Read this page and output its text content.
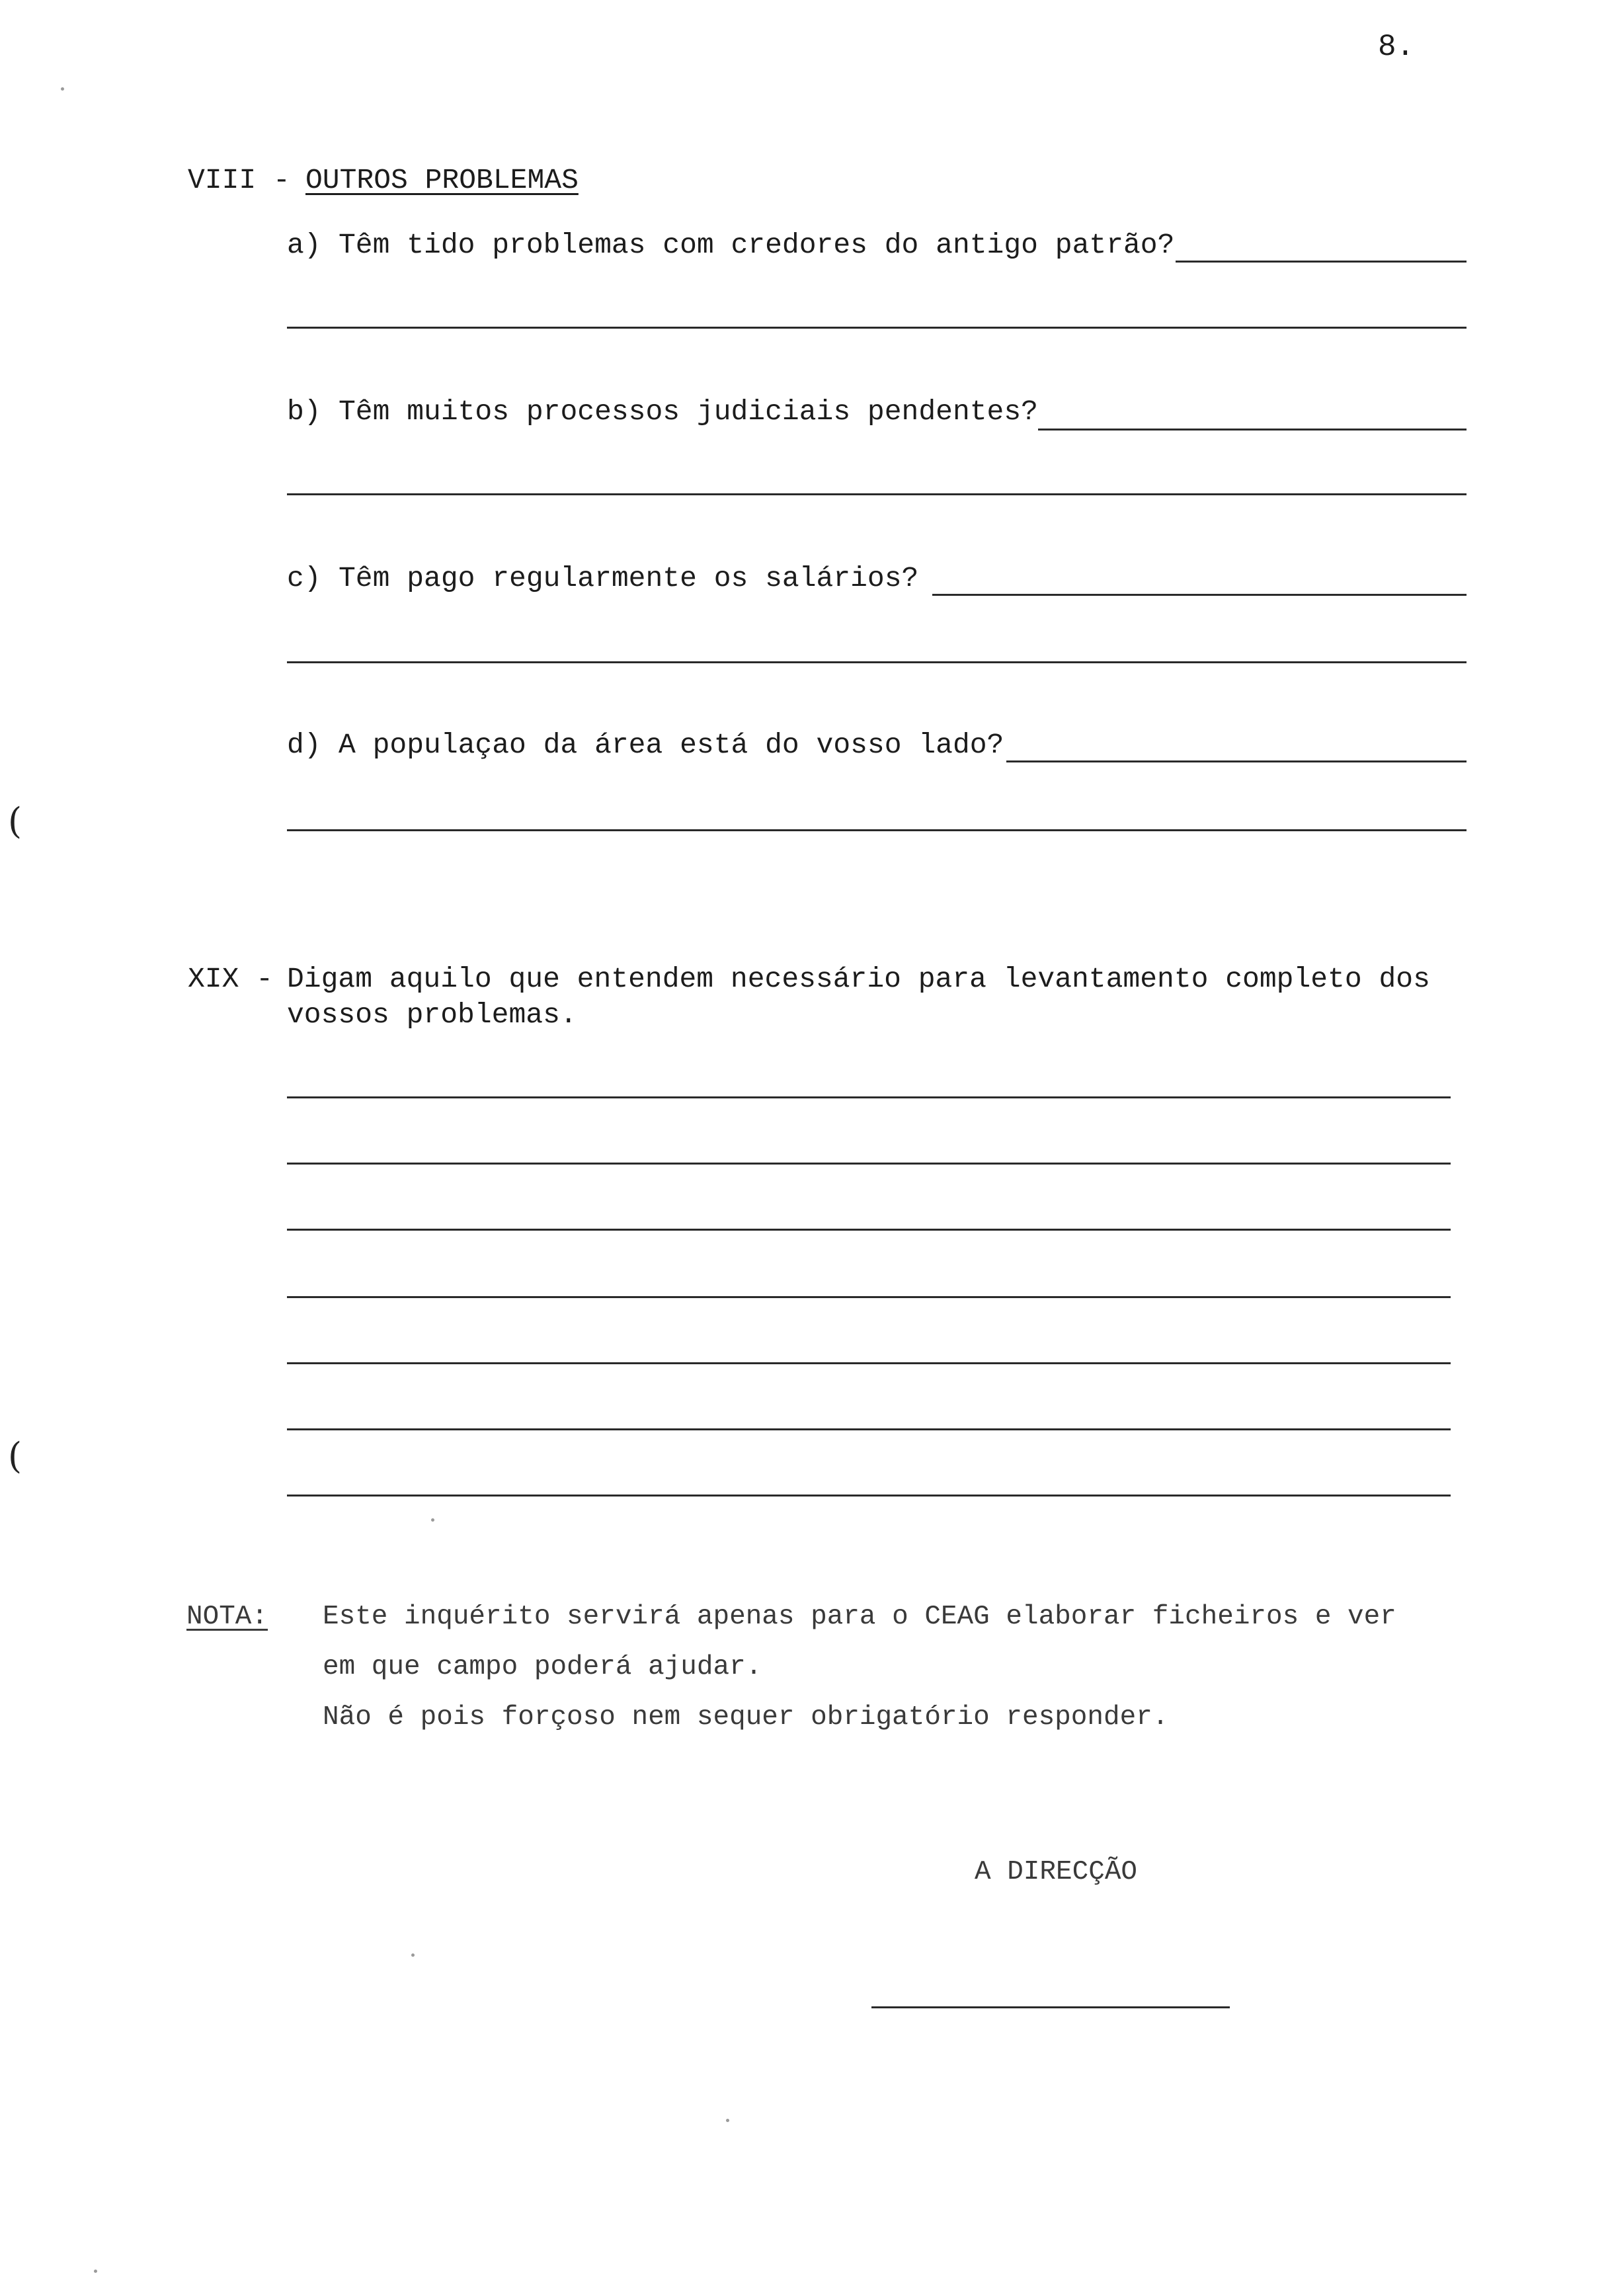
8.
VIII - OUTROS PROBLEMAS
a) Têm tido problemas com credores do antigo patrão?
b) Têm muitos processos judiciais pendentes?
c) Têm pago regularmente os salários?
d) A populaçao da área está do vosso lado?
(
(
XIX - Digam aquilo que entendem necessário para levantamento completo dos
vossos problemas.
NOTA: Este inquérito servirá apenas para o CEAG elaborar ficheiros e ver
em que campo poderá ajudar.
Não é pois forçoso nem sequer obrigatório responder.
A DIRECÇÃO
